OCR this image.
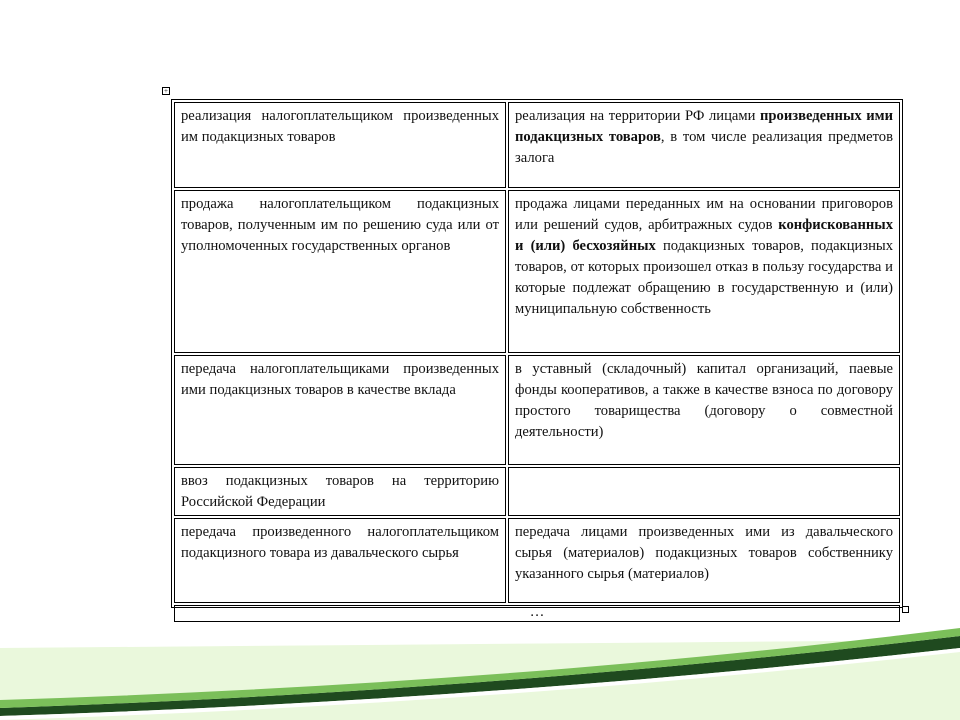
+
реализация налогоплательщиком произведенных им подакцизных товаров	реализация на территории РФ лицами произведенных ими подакцизных товаров, в том числе реализация предметов залога
продажа налогоплательщиком подакцизных товаров, полученным им по решению суда или от уполномоченных государственных органов	продажа лицами переданных им на основании приговоров или решений судов, арбитражных судов конфискованных и (или) бесхозяйных подакцизных товаров, подакцизных товаров, от которых произошел отказ в пользу государства и которые подлежат обращению в государственную и (или) муниципальную собственность
передача налогоплательщиками произведенных ими подакцизных товаров в качестве вклада	в уставный (складочный) капитал организаций, паевые фонды кооперативов, а также в качестве взноса по договору простого товарищества (договору о совместной деятельности)
ввоз подакцизных товаров на территорию Российской Федерации	
передача произведенного налогоплательщиком подакцизного товара из давальческого сырья	передача лицами произведенных ими из давальческого сырья (материалов) подакцизных товаров собственнику указанного сырья (материалов)
…	
